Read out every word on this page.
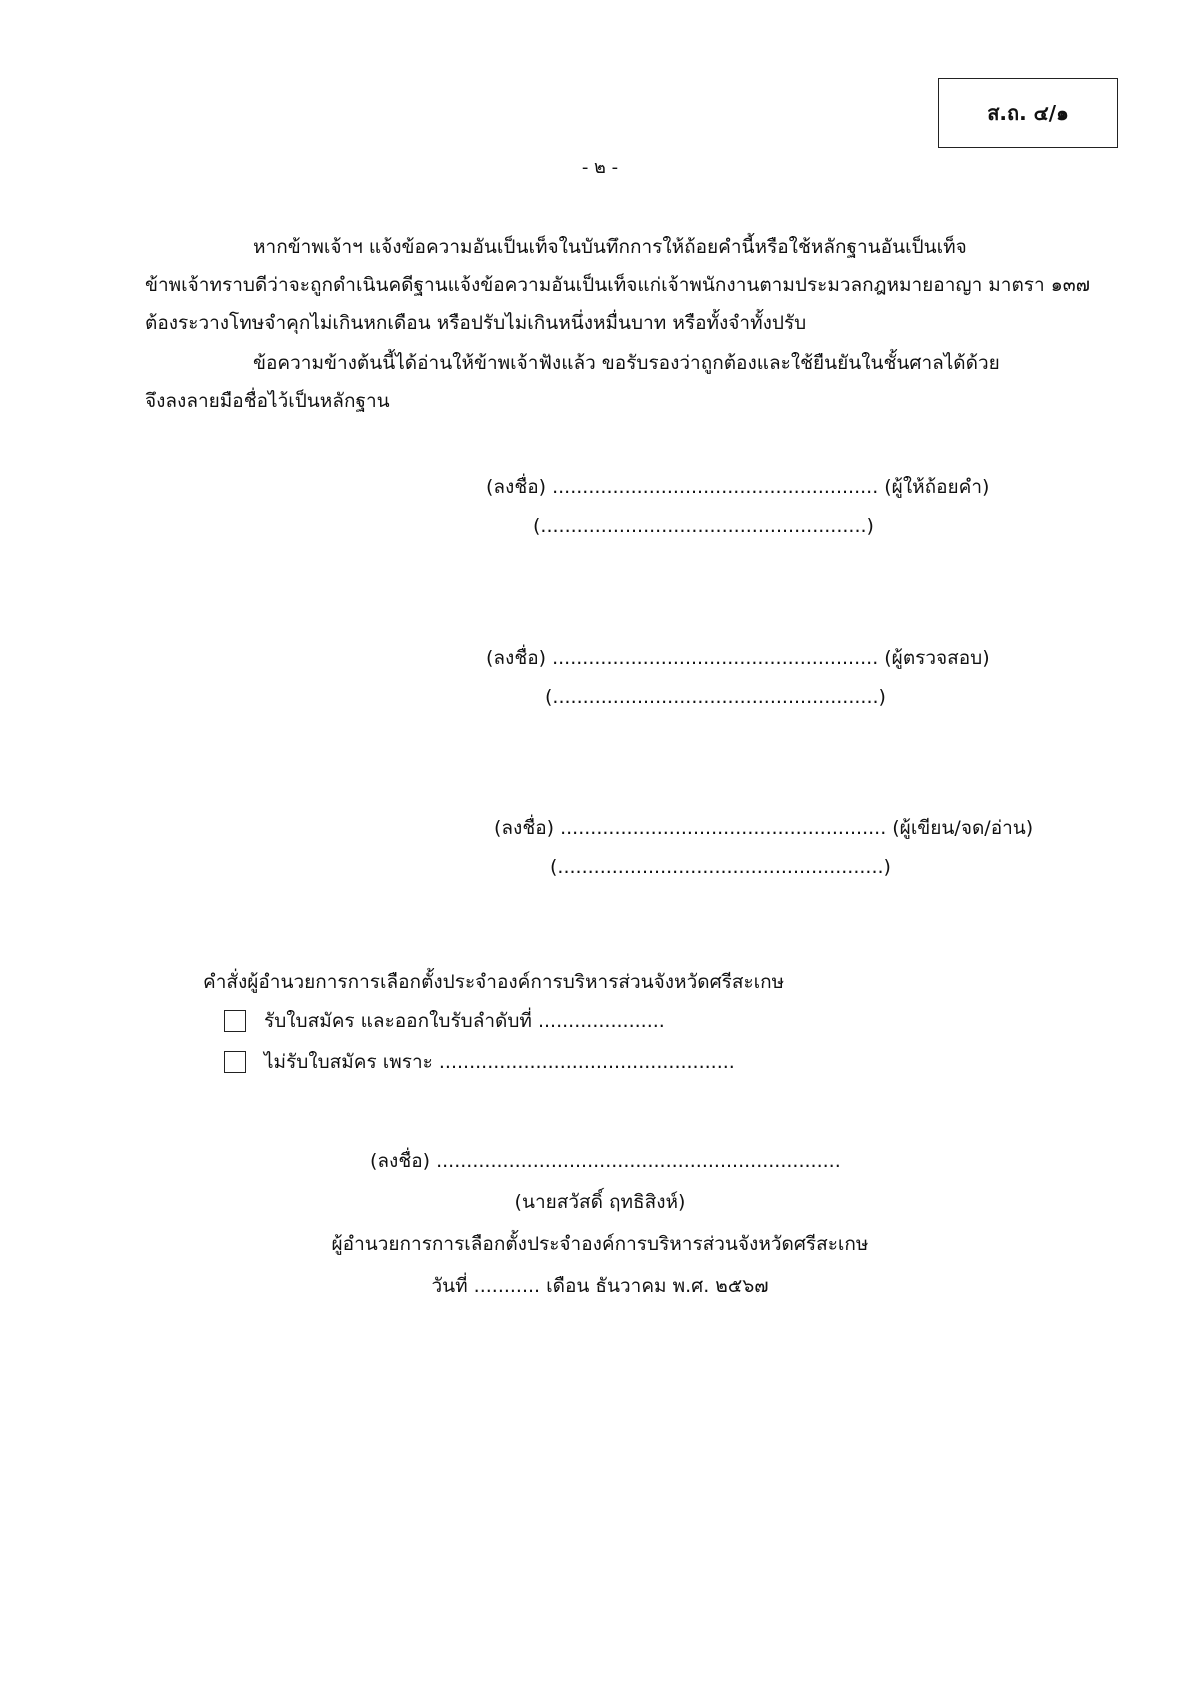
ส.ถ. ๔/๑
- ๒ -
หากข้าพเจ้าฯ แจ้งข้อความอันเป็นเท็จในบันทึกการให้ถ้อยคำนี้หรือใช้หลักฐานอันเป็นเท็จ
ข้าพเจ้าทราบดีว่าจะถูกดำเนินคดีฐานแจ้งข้อความอันเป็นเท็จแก่เจ้าพนักงานตามประมวลกฎหมายอาญา มาตรา ๑๓๗
ต้องระวางโทษจำคุกไม่เกินหกเดือน หรือปรับไม่เกินหนึ่งหมื่นบาท หรือทั้งจำทั้งปรับ
ข้อความข้างต้นนี้ได้อ่านให้ข้าพเจ้าฟังแล้ว ขอรับรองว่าถูกต้องและใช้ยืนยันในชั้นศาลได้ด้วย
จึงลงลายมือชื่อไว้เป็นหลักฐาน
(ลงชื่อ) ...................................................... (ผู้ให้ถ้อยคำ)
(......................................................)
(ลงชื่อ) ...................................................... (ผู้ตรวจสอบ)
(......................................................)
(ลงชื่อ) ...................................................... (ผู้เขียน/จด/อ่าน)
(......................................................)
คำสั่งผู้อำนวยการการเลือกตั้งประจำองค์การบริหารส่วนจังหวัดศรีสะเกษ
รับใบสมัคร และออกใบรับลำดับที่ .....................
ไม่รับใบสมัคร เพราะ .................................................
(ลงชื่อ) ...................................................................
(นายสวัสดิ์ ฤทธิสิงห์)
ผู้อำนวยการการเลือกตั้งประจำองค์การบริหารส่วนจังหวัดศรีสะเกษ
วันที่ ........... เดือน ธันวาคม พ.ศ. ๒๕๖๗
